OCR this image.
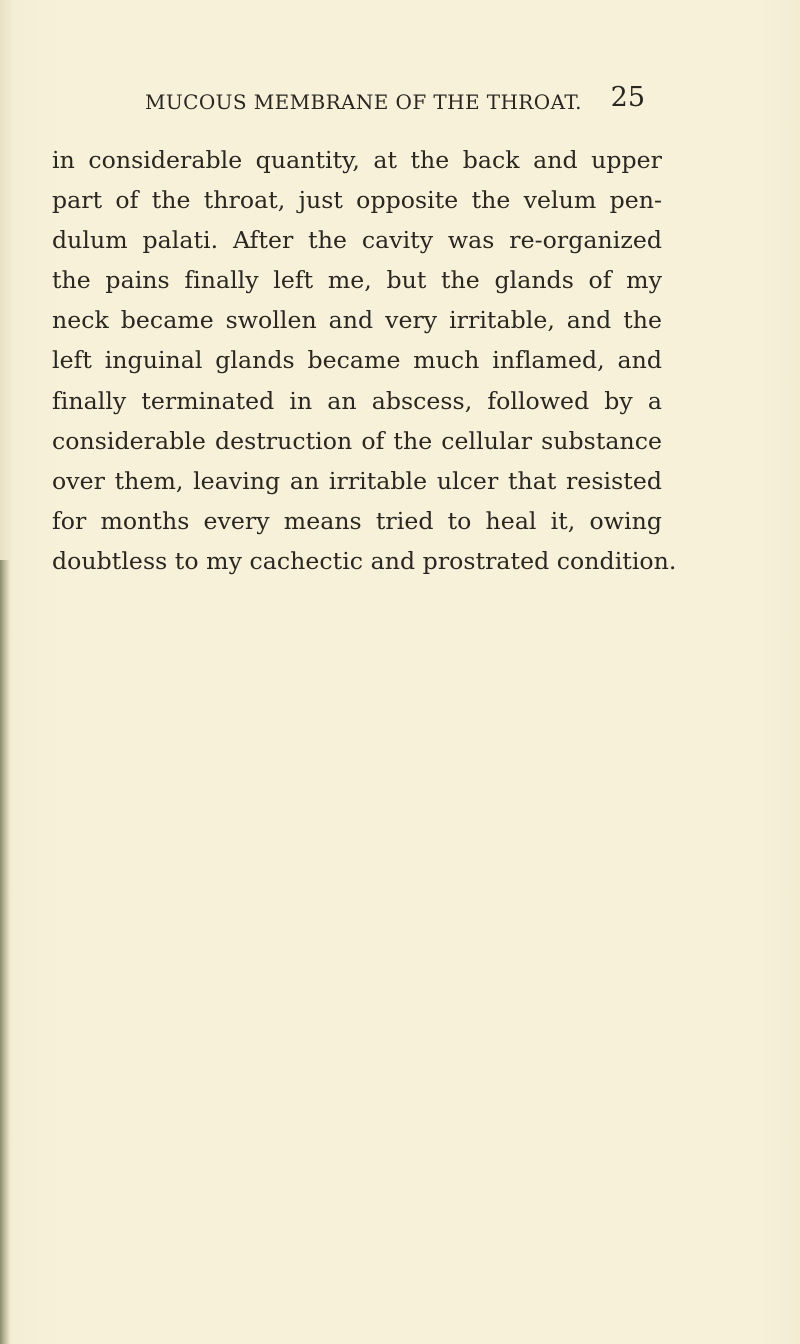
MUCOUS MEMBRANE OF THE THROAT. 25
in considerable quantity, at the back and upper
part of the throat, just opposite the velum pen-
dulum palati. After the cavity was re-organized
the pains finally left me, but the glands of my
neck became swollen and very irritable, and the
left inguinal glands became much inflamed, and
finally terminated in an abscess, followed by a
considerable destruction of the cellular substance
over them, leaving an irritable ulcer that resisted
for months every means tried to heal it, owing
doubtless to my cachectic and prostrated condition.
